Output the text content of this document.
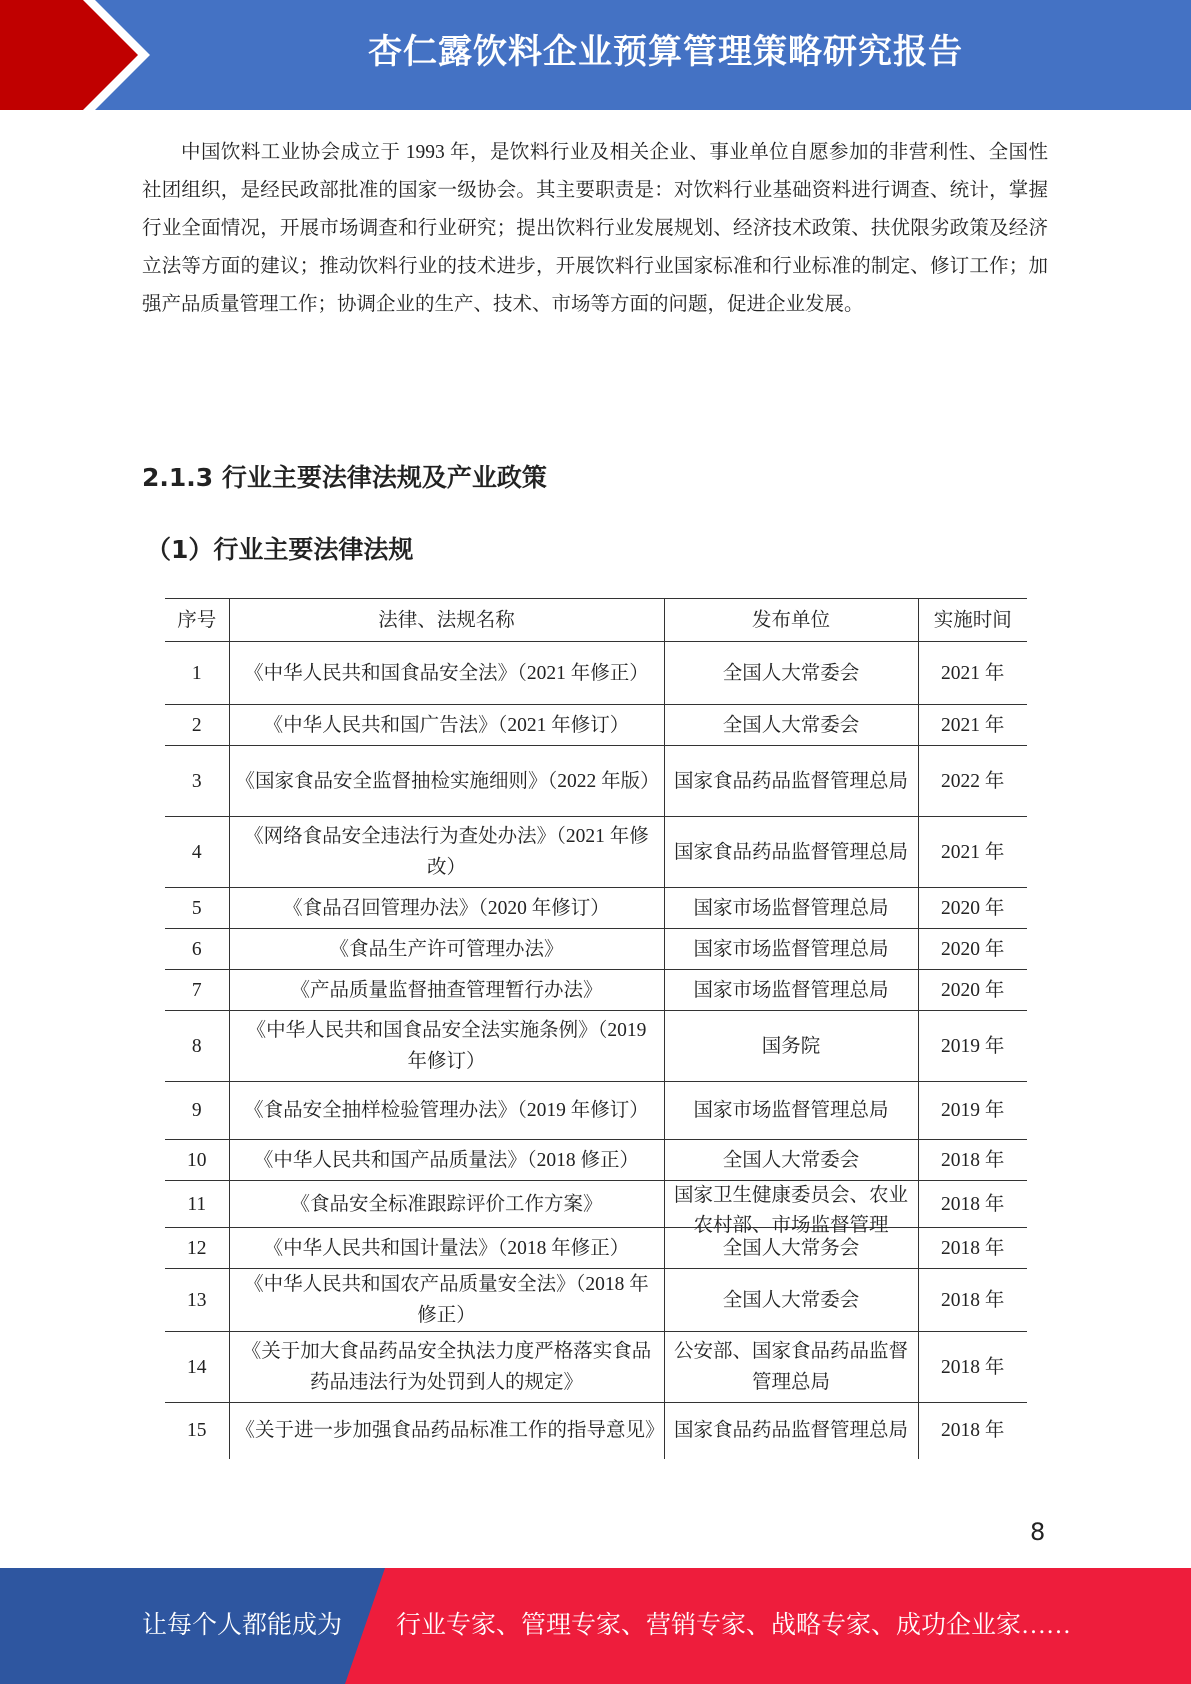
杏仁露饮料企业预算管理策略研究报告

中国饮料工业协会成立于 1993 年，是饮料行业及相关企业、事业单位自愿参加的非营利性、全国性社团组织，是经民政部批准的国家一级协会。其主要职责是：对饮料行业基础资料进行调查、统计，掌握行业全面情况，开展市场调查和行业研究；提出饮料行业发展规划、经济技术政策、扶优限劣政策及经济立法等方面的建议；推动饮料行业的技术进步，开展饮料行业国家标准和行业标准的制定、修订工作；加强产品质量管理工作；协调企业的生产、技术、市场等方面的问题，促进企业发展。

2.1.3 行业主要法律法规及产业政策
（1）行业主要法律法规
序号	法律、法规名称	发布单位	实施时间
1	《中华人民共和国食品安全法》（2021 年修正）	全国人大常委会	2021 年
2	《中华人民共和国广告法》（2021 年修订）	全国人大常委会	2021 年
3	《国家食品安全监督抽检实施细则》（2022 年版）	国家食品药品监督管理总局	2022 年
4	《网络食品安全违法行为查处办法》（2021 年修改）	国家食品药品监督管理总局	2021 年
5	《食品召回管理办法》（2020 年修订）	国家市场监督管理总局	2020 年
6	《食品生产许可管理办法》	国家市场监督管理总局	2020 年
7	《产品质量监督抽查管理暂行办法》	国家市场监督管理总局	2020 年
8	《中华人民共和国食品安全法实施条例》（2019 年修订）	国务院	2019 年
9	《食品安全抽样检验管理办法》（2019 年修订）	国家市场监督管理总局	2019 年
10	《中华人民共和国产品质量法》（2018 修正）	全国人大常委会	2018 年
11	《食品安全标准跟踪评价工作方案》	国家卫生健康委员会、农业农村部、市场监督管理	2018 年
12	《中华人民共和国计量法》（2018 年修正）	全国人大常务会	2018 年
13	《中华人民共和国农产品质量安全法》（2018 年修正）	全国人大常委会	2018 年
14	《关于加大食品药品安全执法力度严格落实食品药品违法行为处罚到人的规定》	公安部、国家食品药品监督管理总局	2018 年
15	《关于进一步加强食品药品标准工作的指导意见》	国家食品药品监督管理总局	2018 年
8
让每个人都能成为 行业专家、管理专家、营销专家、战略专家、成功企业家……
